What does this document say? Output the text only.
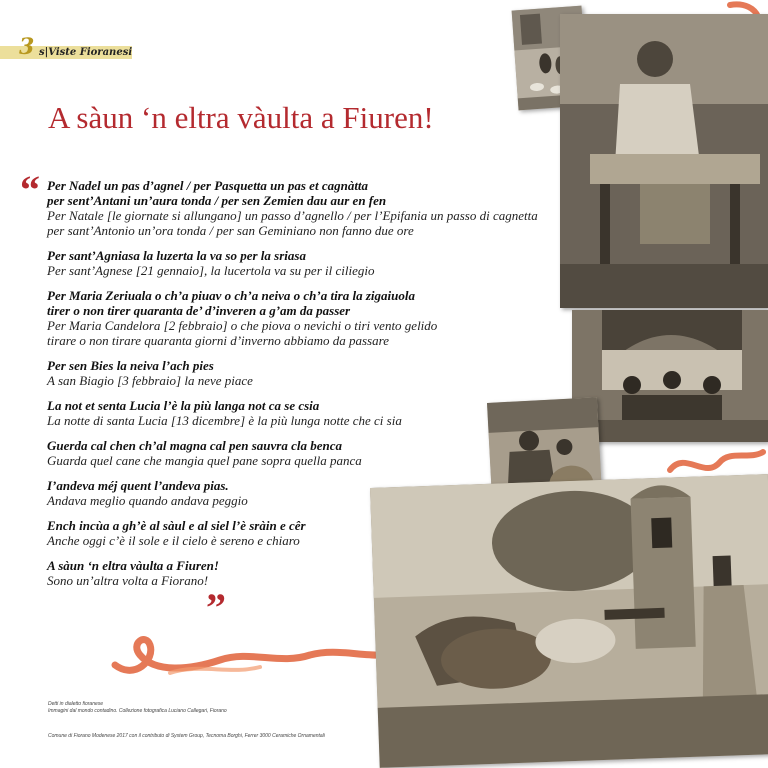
3 s|Viste Fioranesi
A sàun ‘n eltra vàulta a Fiuren!
“
”
Per Nadel un pas d’agnel / per Pasquetta un pas et cagnàtta
per sent’Antani un’aura tonda / per sen Zemien dau aur en fen
Per Natale [le giornate si allungano] un passo d’agnello / per l’Epifania un passo di cagnetta
per sant’Antonio un’ora tonda / per san Geminiano non fanno due ore
Per sant’Agniasa la luzerta la va so per la sriasa
Per sant’Agnese [21 gennaio], la lucertola va su per il ciliegio
Per Maria Zeriuala o ch’a piuav o ch’a neiva o ch’a tira la zigaiuola
tirer o non tirer quaranta de’ d’inveren a g’am da passer
Per Maria Candelora [2 febbraio] o che piova o nevichi o tiri vento gelido
tirare o non tirare quaranta giorni d’inverno abbiamo da passare
Per sen Bies la neiva l’ach pies
A san Biagio [3 febbraio] la neve piace
La not et senta Lucia l’è la più langa not ca se csia
La notte di santa Lucia [13 dicembre] è la più lunga notte che ci sia
Guerda cal chen ch’al magna cal pen sauvra cla benca
Guarda quel cane che mangia quel pane sopra quella panca
I’andeva méj quent l’andeva pias.
Andava meglio quando andava peggio
Ench incùa a gh’è al sàul e al siel l’è sràin e cêr
Anche oggi c’è il sole e il cielo è sereno e chiaro
A sàun ‘n eltra vàulta a Fiuren!
Sono un’altra volta a Fiorano!
Detti in dialetto fioranese
Immagini dal mondo contadino. Collezione fotografica Luciano Callegari, Fiorano
Comune di Fiorano Modenese 2017 con il contributo di System Group, Tecnoma Borghi, Ferrer 3000 Ceramiche Ornamentali
